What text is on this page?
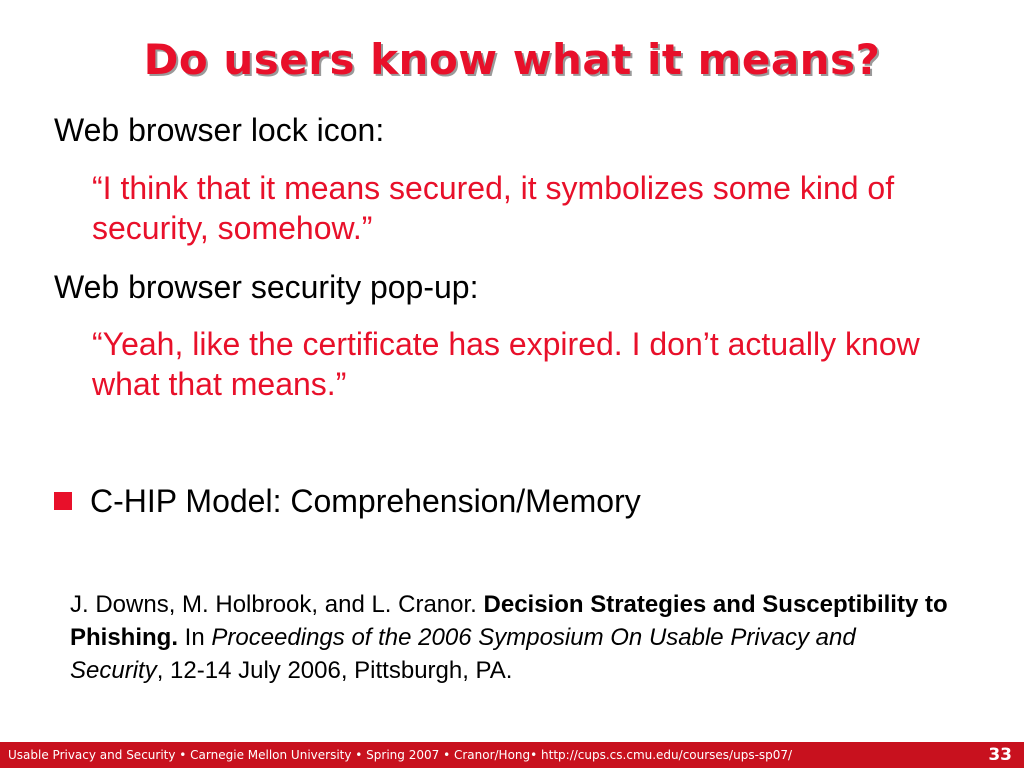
Do users know what it means?
Web browser lock icon:
“I think that it means secured, it symbolizes some kind of security, somehow.”
Web browser security pop-up:
“Yeah, like the certificate has expired. I don’t actually know what that means.”
C-HIP Model: Comprehension/Memory
J. Downs, M. Holbrook, and L. Cranor. Decision Strategies and Susceptibility to Phishing. In Proceedings of the 2006 Symposium On Usable Privacy and Security, 12-14 July 2006, Pittsburgh, PA.
Usable Privacy and Security • Carnegie Mellon University • Spring 2007 • Cranor/Hong• http://cups.cs.cmu.edu/courses/ups-sp07/	33
